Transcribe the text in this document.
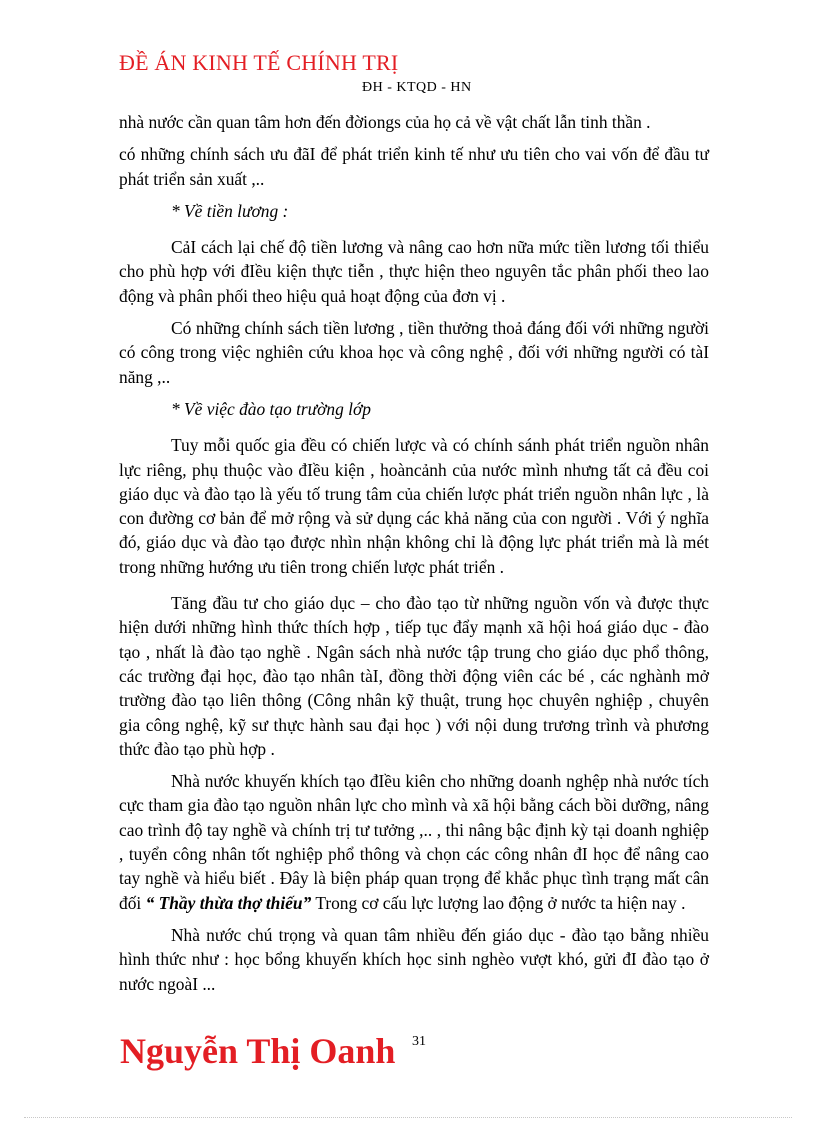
ĐỀ ÁN KINH TẾ CHÍNH TRỊ
ĐH - KTQD - HN

nhà nước cần quan tâm hơn đến đờiongs của họ cả về vật chất lẫn tinh thần .

có những chính sách ưu đãI để phát triển kinh tế như ưu tiên cho vai vốn để đầu tư phát triển sản xuất ,..

* Về tiền lương :

CảI cách lại chế độ tiền lương và nâng cao hơn nữa mức tiền lương tối thiểu cho phù hợp với đIều kiện thực tiễn , thực hiện theo nguyên tắc phân phối theo lao động và phân phối theo hiệu quả hoạt động của đơn vị .

Có những chính sách tiền lương , tiền thưởng thoả đáng đối với những người có công trong việc nghiên cứu khoa học và công nghệ , đối với những người có tàI năng ,..

* Về việc đào tạo trường lớp

Tuy mỗi quốc gia đều có chiến lược và có chính sánh phát triển nguồn nhân lực riêng, phụ thuộc vào đIều kiện , hoàncảnh của nước mình nhưng tất cả đều coi giáo dục và đào tạo là yếu tố trung tâm của chiến lược phát triển nguồn nhân lực , là con đường cơ bản để mở rộng và sử dụng các khả năng của con người . Với ý nghĩa đó, giáo dục và đào tạo được nhìn nhận không chỉ là động lực phát triển mà là mét trong những hướng ưu tiên trong chiến lược phát triển .

Tăng đầu tư cho giáo dục – cho đào tạo từ những nguồn vốn và được thực hiện dưới những hình thức thích hợp , tiếp tục đẩy mạnh xã hội hoá giáo dục - đào tạo , nhất là đào tạo nghề . Ngân sách nhà nước tập trung cho giáo dục phổ thông, các trường đại học, đào tạo nhân tàI, đồng thời động viên các bé , các nghành mở trường đào tạo liên thông (Công nhân kỹ thuật, trung học chuyên nghiệp , chuyên gia công nghệ, kỹ sư thực hành sau đại học ) với nội dung trương trình và phương thức đào tạo phù hợp .

Nhà nước khuyến khích tạo đIều kiên cho những doanh nghệp nhà nước tích cực tham gia đào tạo nguồn nhân lực cho mình và xã hội bằng cách bồi dưỡng, nâng cao trình độ tay nghề và chính trị tư tưởng ,.. , thi nâng bậc định kỳ tại doanh nghiệp , tuyển công nhân tốt nghiệp phổ thông và chọn các công nhân đI học để nâng cao tay nghề và hiểu biết . Đây là biện pháp quan trọng để khắc phục tình trạng mất cân đối “ Thầy thừa thợ thiếu” Trong cơ cấu lực lượng lao động ở nước ta hiện nay .

Nhà nước chú trọng và quan tâm nhiều đến giáo dục - đào tạo bằng nhiều hình thức như : học bổng khuyến khích học sinh nghèo vượt khó, gửi đI đào tạo ở nước ngoàI ...

Nguyễn Thị Oanh 31
